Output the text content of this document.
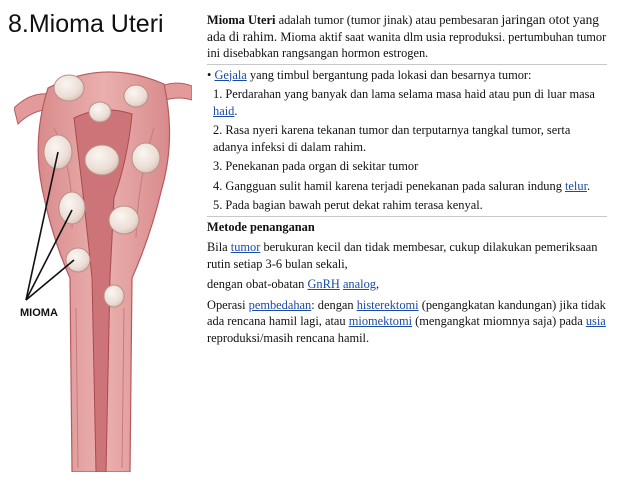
8.Mioma Uteri
MIOMA

Mioma Uteri adalah tumor (tumor jinak) atau pembesaran jaringan otot yang ada di rahim. Mioma aktif saat wanita dlm usia reproduksi. pertumbuhan tumor ini disebabkan rangsangan hormon estrogen.

• Gejala yang timbul bergantung pada lokasi dan besarnya tumor:

1. Perdarahan yang banyak dan lama selama masa haid atau pun di luar masa haid.

2. Rasa nyeri karena tekanan tumor dan terputarnya tangkal tumor, serta adanya infeksi di dalam rahim.

3. Penekanan pada organ di sekitar tumor

4. Gangguan sulit hamil karena terjadi penekanan pada saluran indung telur.

5. Pada bagian bawah perut dekat rahim terasa kenyal.

Metode penanganan

Bila tumor berukuran kecil dan tidak membesar, cukup dilakukan pemeriksaan rutin setiap 3-6 bulan sekali,

dengan obat-obatan GnRH analog,

Operasi pembedahan: dengan histerektomi (pengangkatan kandungan) jika tidak ada rencana hamil lagi, atau miomektomi (mengangkat miomnya saja) pada usia reproduksi/masih rencana hamil.
